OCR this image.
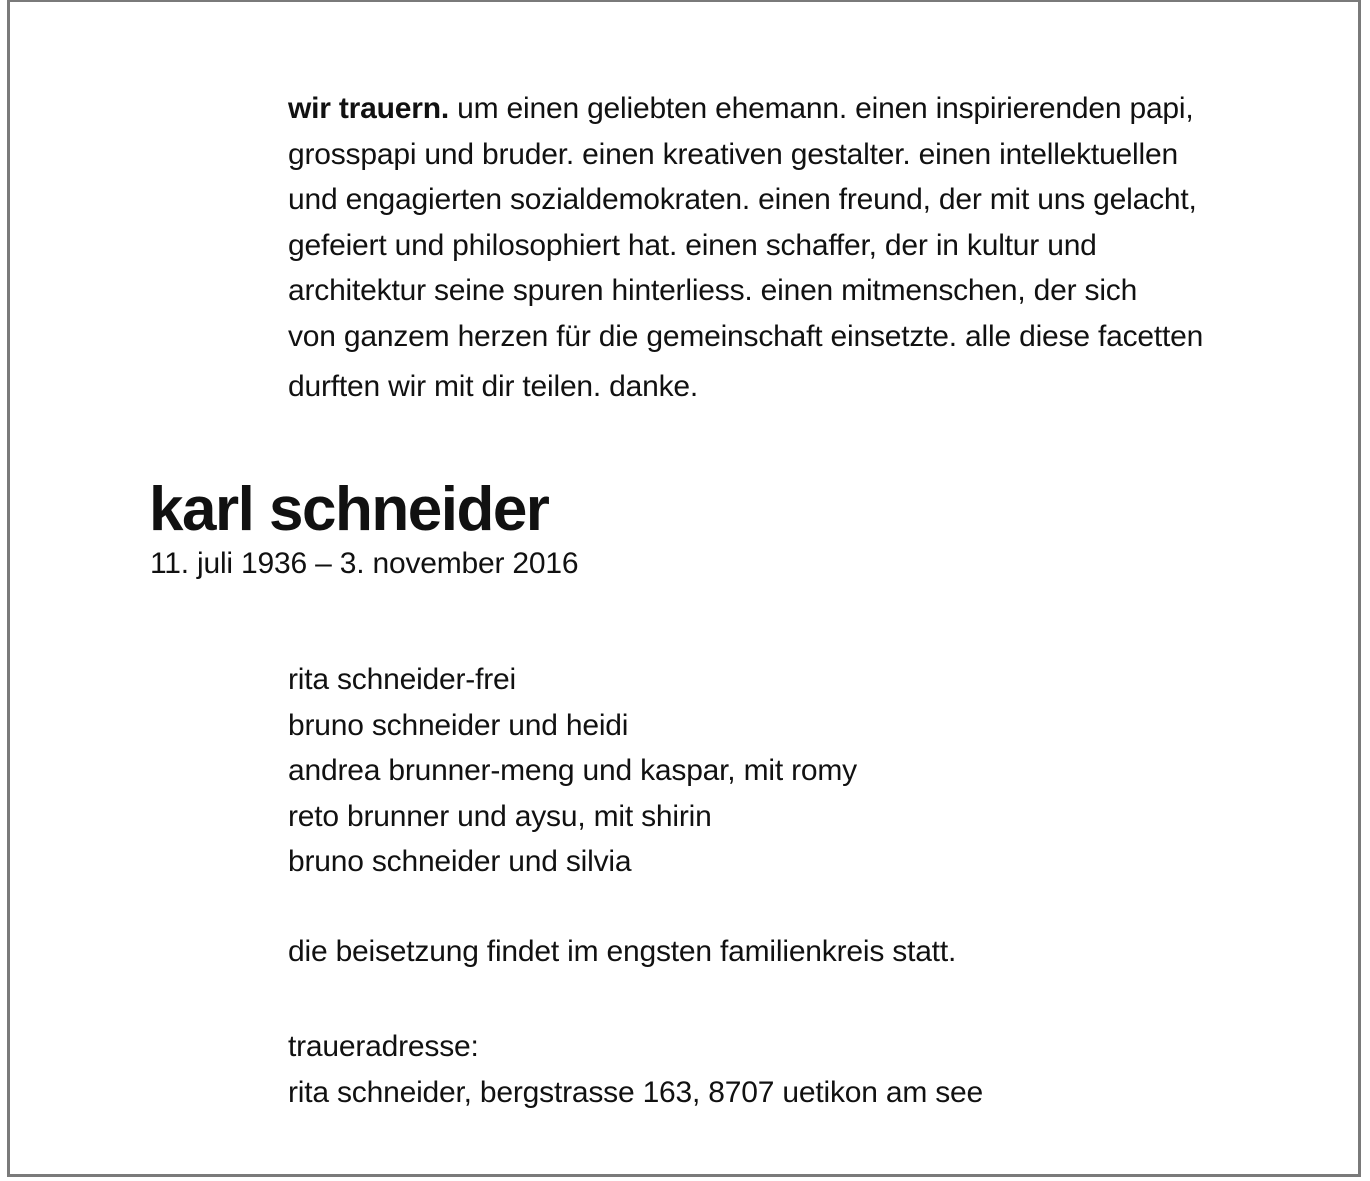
wir trauern. um einen geliebten ehemann. einen inspirierenden papi,
grosspapi und bruder. einen kreativen gestalter. einen intellektuellen
und engagierten sozialdemokraten. einen freund, der mit uns gelacht,
gefeiert und philosophiert hat. einen schaffer, der in kultur und
architektur seine spuren hinterliess. einen mitmenschen, der sich
von ganzem herzen für die gemeinschaft einsetzte. alle diese facetten
durften wir mit dir teilen. danke.
karl schneider
11. juli 1936 – 3. november 2016
rita schneider-frei
bruno schneider und heidi
andrea brunner-meng und kaspar, mit romy
reto brunner und aysu, mit shirin
bruno schneider und silvia
die beisetzung findet im engsten familienkreis statt.
traueradresse:
rita schneider, bergstrasse 163, 8707 uetikon am see
